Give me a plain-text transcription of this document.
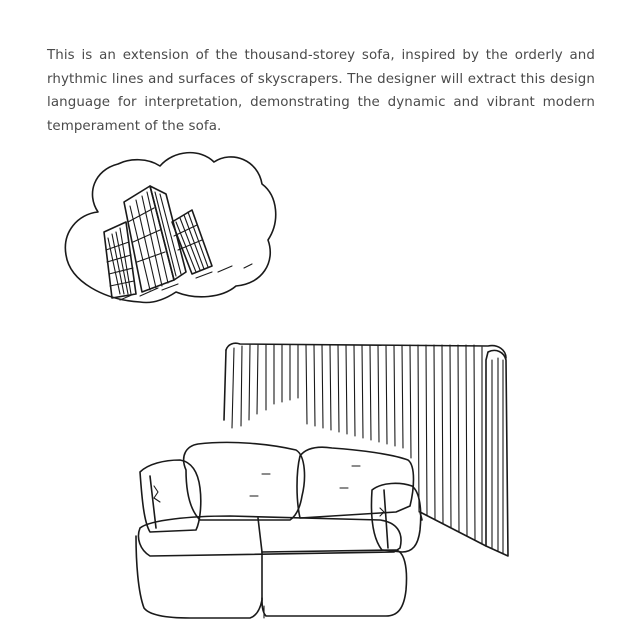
This is an extension of the thousand-storey sofa, inspired by the orderly and rhythmic lines and surfaces of skyscrapers. The designer will extract this design language for interpretation, demonstrating the dynamic and vibrant modern temperament of the sofa.
